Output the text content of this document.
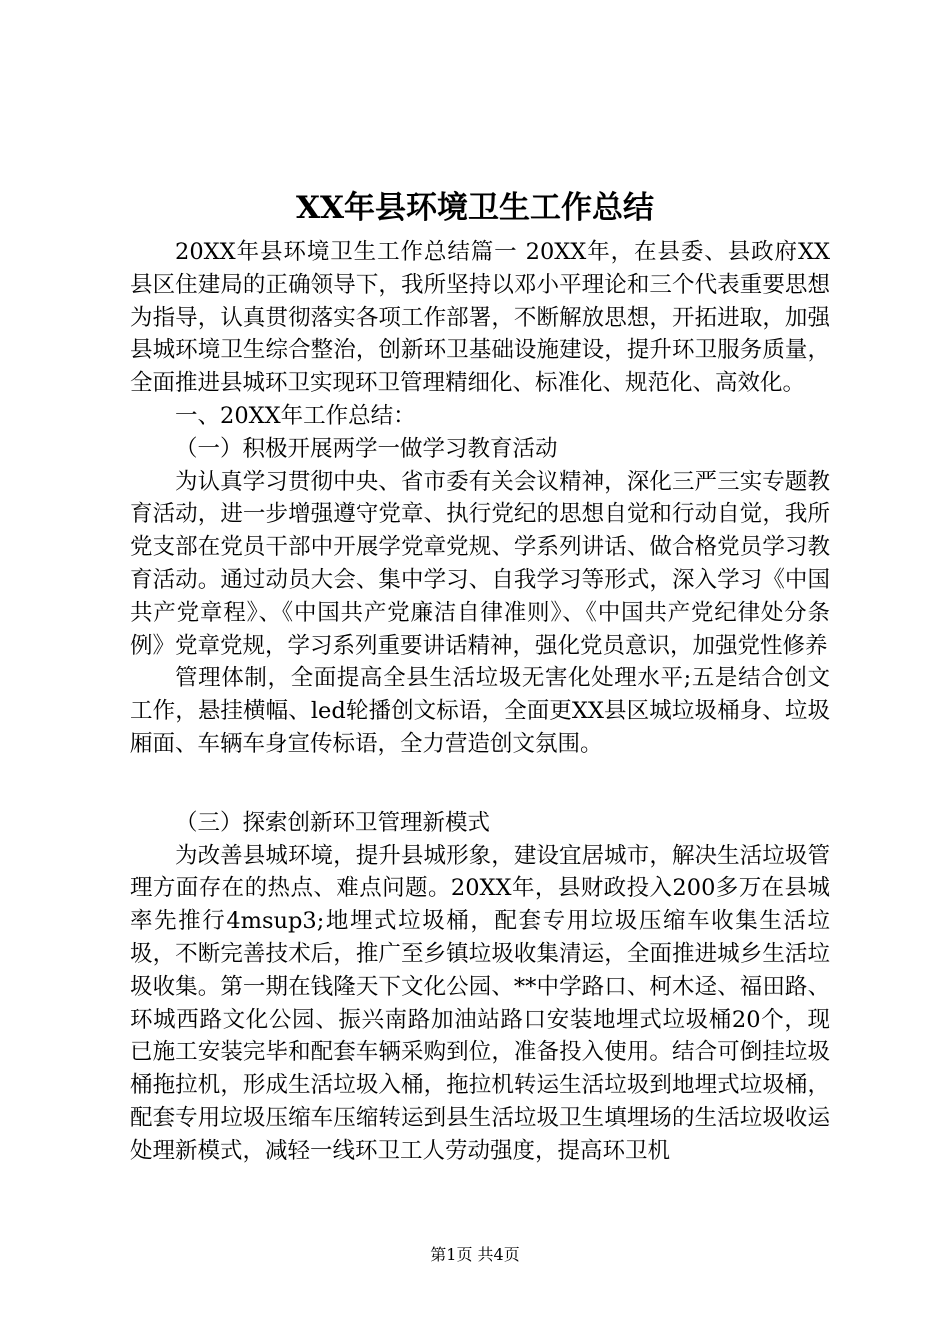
XX年县环境卫生工作总结

20XX年县环境卫生工作总结篇一 20XX年，在县委、县政府XX县区住建局的正确领导下，我所坚持以邓小平理论和三个代表重要思想为指导，认真贯彻落实各项工作部署，不断解放思想，开拓进取，加强县城环境卫生综合整治，创新环卫基础设施建设，提升环卫服务质量，全面推进县城环卫实现环卫管理精细化、标准化、规范化、高效化。

一、20XX年工作总结：

（一）积极开展两学一做学习教育活动

为认真学习贯彻中央、省市委有关会议精神，深化三严三实专题教育活动，进一步增强遵守党章、执行党纪的思想自觉和行动自觉，我所党支部在党员干部中开展学党章党规、学系列讲话、做合格党员学习教育活动。通过动员大会、集中学习、自我学习等形式，深入学习《中国共产党章程》、《中国共产党廉洁自律准则》、《中国共产党纪律处分条例》党章党规，学习系列重要讲话精神，强化党员意识，加强党性修养

管理体制，全面提高全县生活垃圾无害化处理水平;五是结合创文工作，悬挂横幅、led轮播创文标语，全面更XX县区城垃圾桶身、垃圾厢面、车辆车身宣传标语，全力营造创文氛围。

（三）探索创新环卫管理新模式

为改善县城环境，提升县城形象，建设宜居城市，解决生活垃圾管理方面存在的热点、难点问题。20XX年，县财政投入200多万在县城率先推行4msup3;地埋式垃圾桶，配套专用垃圾压缩车收集生活垃圾，不断完善技术后，推广至乡镇垃圾收集清运，全面推进城乡生活垃圾收集。第一期在钱隆天下文化公园、**中学路口、柯木迳、福田路、环城西路文化公园、振兴南路加油站路口安装地埋式垃圾桶20个，现已施工安装完毕和配套车辆采购到位，准备投入使用。结合可倒挂垃圾桶拖拉机，形成生活垃圾入桶，拖拉机转运生活垃圾到地埋式垃圾桶，配套专用垃圾压缩车压缩转运到县生活垃圾卫生填埋场的生活垃圾收运处理新模式，减轻一线环卫工人劳动强度，提高环卫机

第1页 共4页
